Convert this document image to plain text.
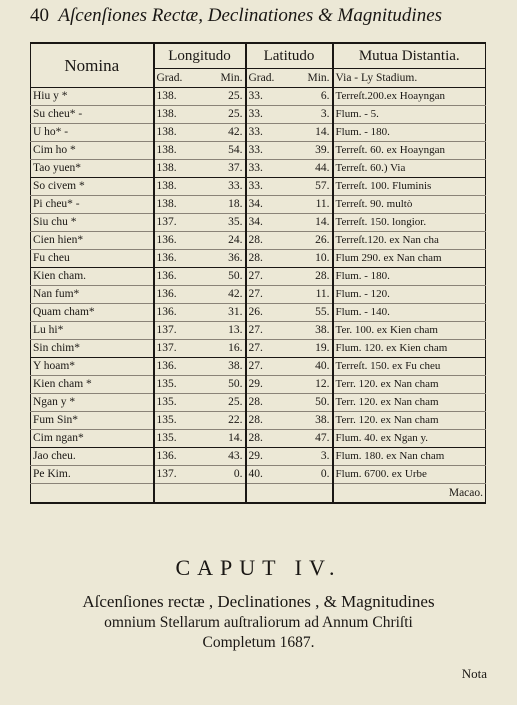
40 Aſcenſiones Rectæ, Declinationes & Magnitudines
Nomina	Longitudo		Latitudo		Mutua Distantia.
	Grad.	Min.	Grad.	Min.	Via - Ly Stadium.
Hiu y *	138.	25.	33.	6.	Terreſt.200.ex Hoayngan
Su cheu* -	138.	25.	33.	3.	Flum. - 5.
U ho* -	138.	42.	33.	14.	Flum. - 180.
Cim ho *	138.	54.	33.	39.	Terreſt. 60. ex Hoayngan
Tao yuen*	138.	37.	33.	44.	Terreſt. 60.) Via
So civem *	138.	33.	33.	57.	Terreſt. 100. Fluminis
Pi cheu* -	138.	18.	34.	11.	Terreſt. 90. multò
Siu chu *	137.	35.	34.	14.	Terreſt. 150. longior.
Cien hien*	136.	24.	28.	26.	Terreſt.120. ex Nan cha
Fu cheu	136.	36.	28.	10.	Flum 290. ex Nan cham
Kien cham.	136.	50.	27.	28.	Flum. - 180.
Nan fum*	136.	42.	27.	11.	Flum. - 120.
Quam cham*	136.	31.	26.	55.	Flum. - 140.
Lu hi*	137.	13.	27.	38.	Ter. 100. ex Kien cham
Sin chim*	137.	16.	27.	19.	Flum. 120. ex Kien cham
Y hoam*	136.	38.	27.	40.	Terreſt. 150. ex Fu cheu
Kien cham *	135.	50.	29.	12.	Terr. 120. ex Nan cham
Ngan y *	135.	25.	28.	50.	Terr. 120. ex Nan cham
Fum Sin*	135.	22.	28.	38.	Terr. 120. ex Nan cham
Cim ngan*	135.	14.	28.	47.	Flum. 40. ex Ngan y.
Jao cheu.	136.	43.	29.	3.	Flum. 180. ex Nan cham
Pe Kim.	137.	0.	40.	0.	Flum. 6700. ex Urbe
					Macao.
CAPUT IV.
Aſcenſiones rectæ , Declinationes , & Magnitudines
omnium Stellarum auſtraliorum ad Annum Chriſti
Completum 1687.
Nota
